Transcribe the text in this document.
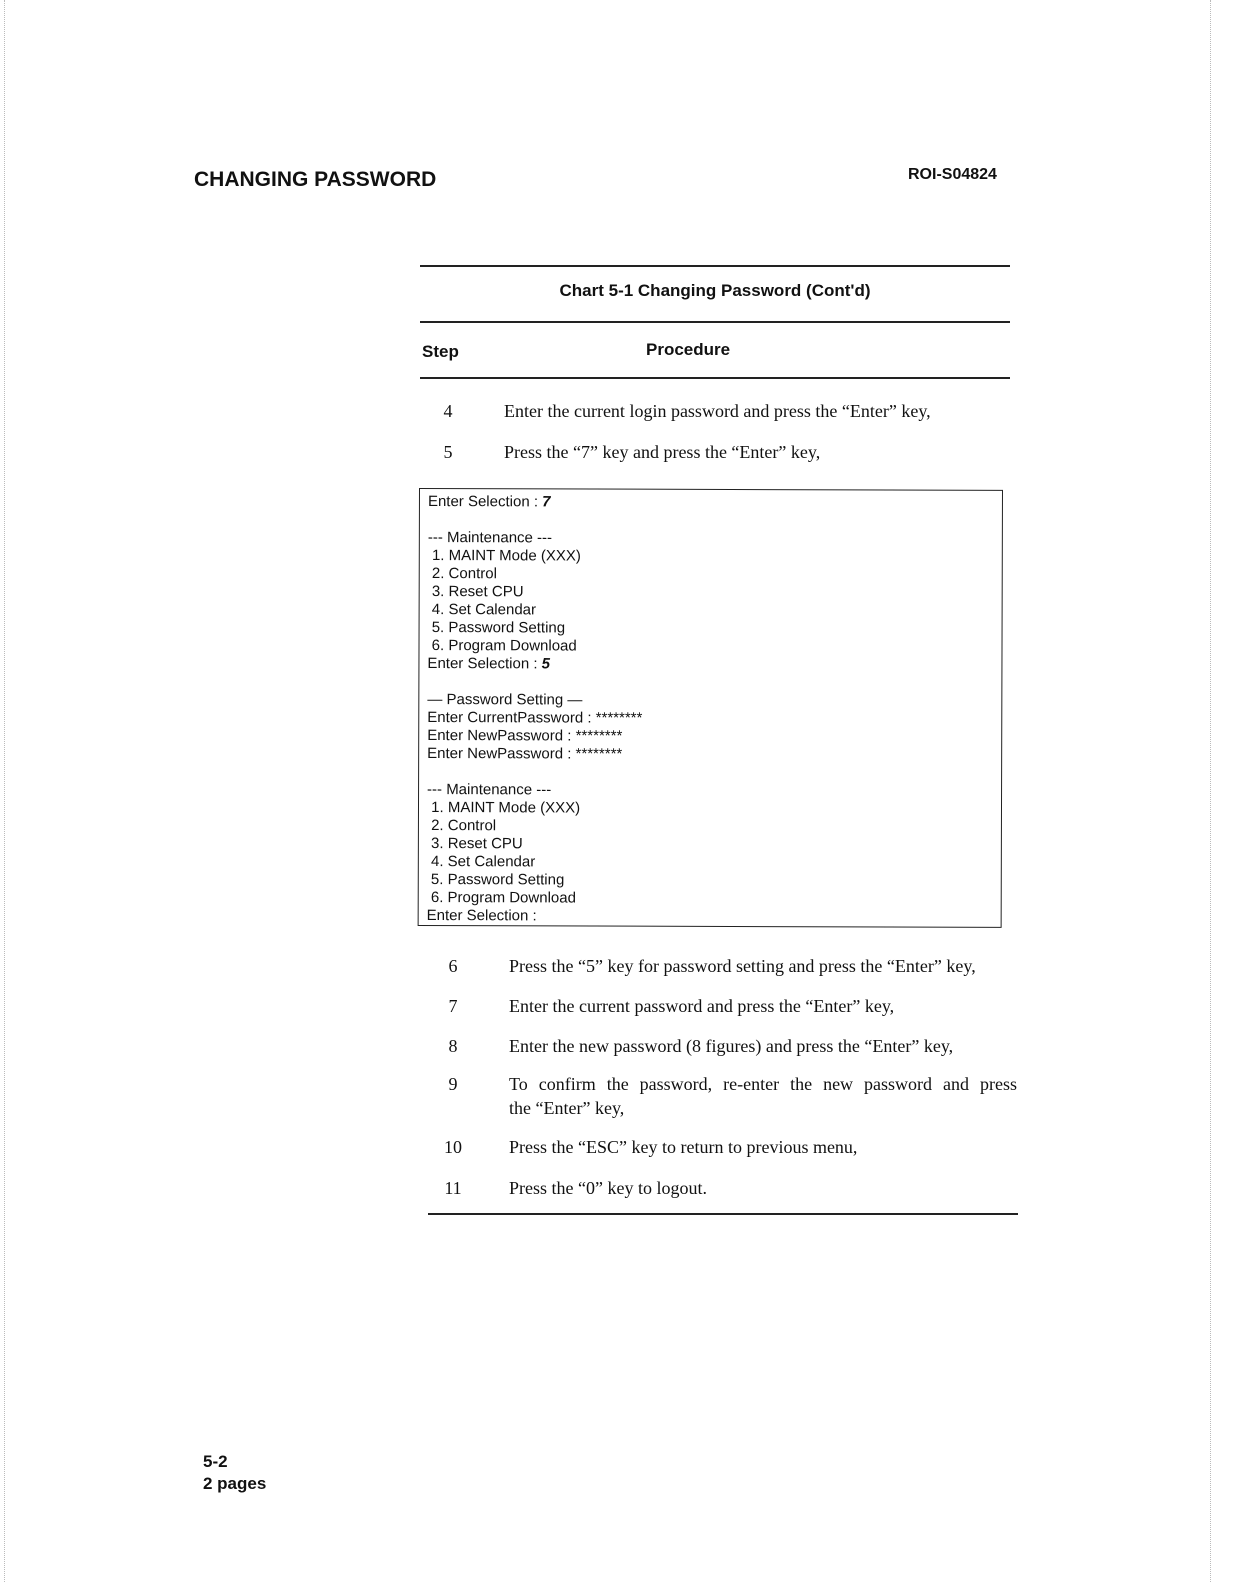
CHANGING PASSWORD	ROI-S04824
Chart 5-1 Changing Password (Cont'd)
Step	Procedure
4	Enter the current login password and press the “Enter” key,
5	Press the “7” key and press the “Enter” key,
Enter Selection : 7
--- Maintenance ---
1. MAINT Mode (XXX)
2. Control
3. Reset CPU
4. Set Calendar
5. Password Setting
6. Program Download
Enter Selection : 5
— Password Setting —
Enter CurrentPassword : ********
Enter NewPassword : ********
Enter NewPassword : ********
--- Maintenance ---
1. MAINT Mode (XXX)
2. Control
3. Reset CPU
4. Set Calendar
5. Password Setting
6. Program Download
Enter Selection :
6	Press the “5” key for password setting and press the “Enter” key,
7	Enter the current password and press the “Enter” key,
8	Enter the new password (8 figures) and press the “Enter” key,
9	To confirm the password, re-enter the new password and press
the “Enter” key,
10	Press the “ESC” key to return to previous menu,
11	Press the “0” key to logout.
5-2
2 pages
